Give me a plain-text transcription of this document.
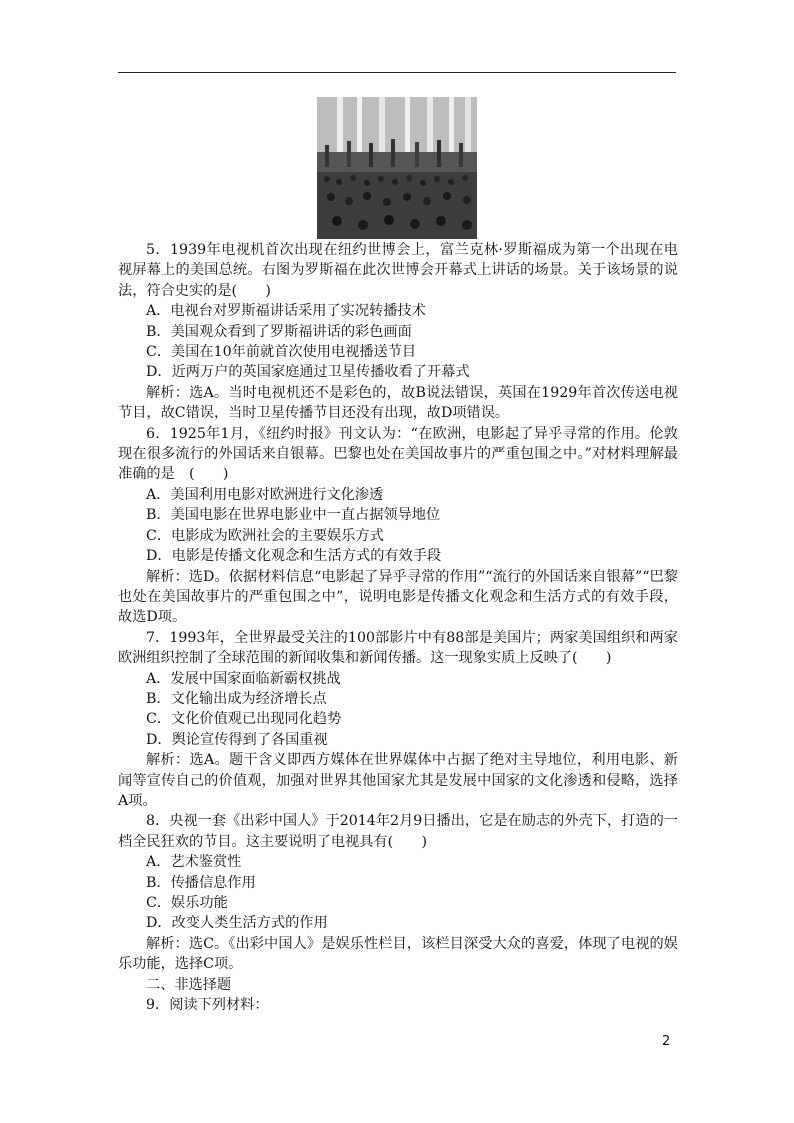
5．1939年电视机首次出现在纽约世博会上，富兰克林·罗斯福成为第一个出现在电视屏幕上的美国总统。右图为罗斯福在此次世博会开幕式上讲话的场景。关于该场景的说法，符合史实的是(　　)

A．电视台对罗斯福讲话采用了实况转播技术

B．美国观众看到了罗斯福讲话的彩色画面

C．美国在10年前就首次使用电视播送节目

D．近两万户的英国家庭通过卫星传播收看了开幕式

解析：选A。当时电视机还不是彩色的，故B说法错误，英国在1929年首次传送电视节目，故C错误，当时卫星传播节目还没有出现，故D项错误。

6．1925年1月，《纽约时报》刊文认为：“在欧洲，电影起了异乎寻常的作用。伦敦现在很多流行的外国话来自银幕。巴黎也处在美国故事片的严重包围之中。”对材料理解最准确的是　(　　)

A．美国利用电影对欧洲进行文化渗透

B．美国电影在世界电影业中一直占据领导地位

C．电影成为欧洲社会的主要娱乐方式

D．电影是传播文化观念和生活方式的有效手段

解析：选D。依据材料信息“电影起了异乎寻常的作用”“流行的外国话来自银幕”“巴黎也处在美国故事片的严重包围之中”，说明电影是传播文化观念和生活方式的有效手段，故选D项。

7．1993年，全世界最受关注的100部影片中有88部是美国片；两家美国组织和两家欧洲组织控制了全球范围的新闻收集和新闻传播。这一现象实质上反映了(　　)

A．发展中国家面临新霸权挑战

B．文化输出成为经济增长点

C．文化价值观已出现同化趋势

D．舆论宣传得到了各国重视

解析：选A。题干含义即西方媒体在世界媒体中占据了绝对主导地位，利用电影、新闻等宣传自己的价值观，加强对世界其他国家尤其是发展中国家的文化渗透和侵略，选择A项。

8．央视一套《出彩中国人》于2014年2月9日播出，它是在励志的外壳下，打造的一档全民狂欢的节目。这主要说明了电视具有(　　)

A．艺术鉴赏性

B．传播信息作用

C．娱乐功能

D．改变人类生活方式的作用

解析：选C。《出彩中国人》是娱乐性栏目，该栏目深受大众的喜爱，体现了电视的娱乐功能，选择C项。

二、非选择题

9．阅读下列材料：

2
